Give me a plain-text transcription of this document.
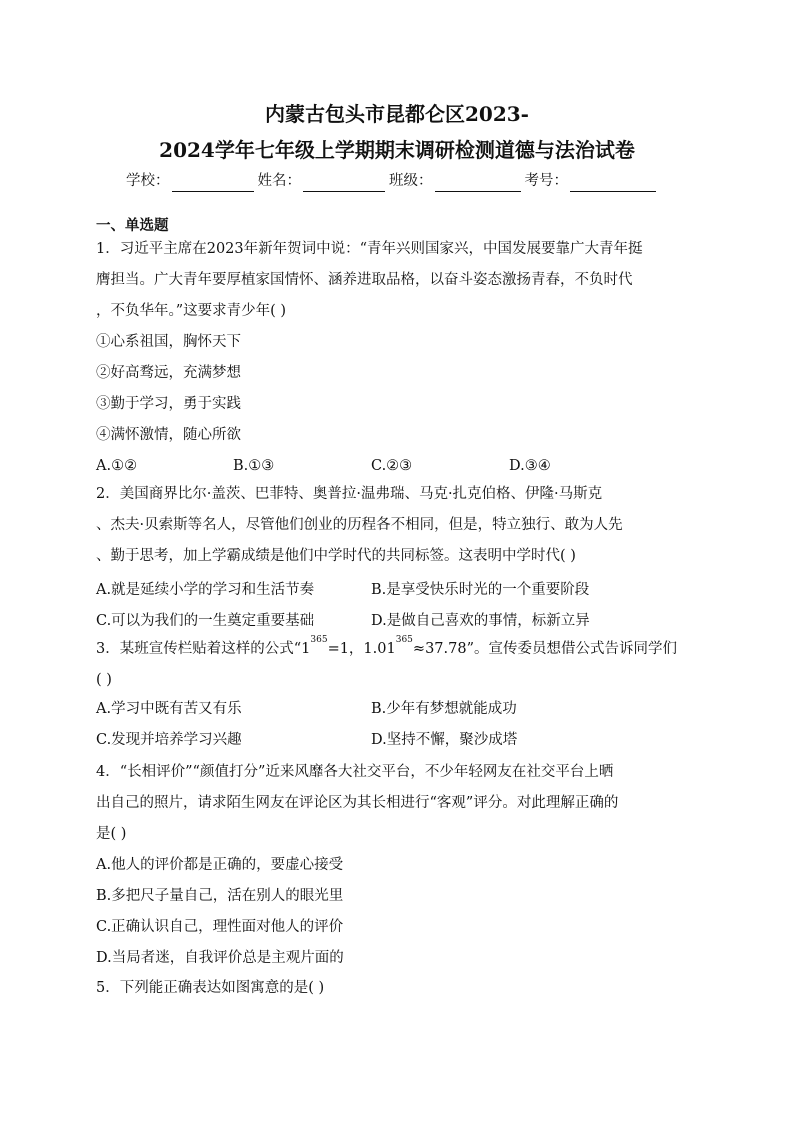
内蒙古包头市昆都仑区2023-
2024学年七年级上学期期末调研检测道德与法治试卷
学校：	姓名：	班级：	考号：
一、单选题

1．习近平主席在2023年新年贺词中说：“青年兴则国家兴，中国发展要靠广大青年挺

膺担当。广大青年要厚植家国情怀、涵养进取品格，以奋斗姿态激扬青春，不负时代

，不负华年。”这要求青少年( )

①心系祖国，胸怀天下

②好高骛远，充满梦想

③勤于学习，勇于实践

④满怀激情，随心所欲

A.①②	B.①③	C.②③	D.③④

2．美国商界比尔·盖茨、巴菲特、奥普拉·温弗瑞、马克·扎克伯格、伊隆·马斯克

、杰夫·贝索斯等名人，尽管他们创业的历程各不相同，但是，特立独行、敢为人先

、勤于思考，加上学霸成绩是他们中学时代的共同标签。这表明中学时代( )

A.就是延续小学的学习和生活节奏	B.是享受快乐时光的一个重要阶段
C.可以为我们的一生奠定重要基础	D.是做自己喜欢的事情，标新立异

3．某班宣传栏贴着这样的公式“$1^{365}=1$，$1.01^{365}\approx 37.78$”。宣传委员想借公式告诉同学们

( )

A.学习中既有苦又有乐	B.少年有梦想就能成功
C.发现并培养学习兴趣	D.坚持不懈，聚沙成塔

4．“长相评价”“颜值打分”近来风靡各大社交平台，不少年轻网友在社交平台上晒

出自己的照片，请求陌生网友在评论区为其长相进行“客观”评分。对此理解正确的

是( )

A.他人的评价都是正确的，要虚心接受

B.多把尺子量自己，活在别人的眼光里

C.正确认识自己，理性面对他人的评价

D.当局者迷，自我评价总是主观片面的

5．下列能正确表达如图寓意的是( )
